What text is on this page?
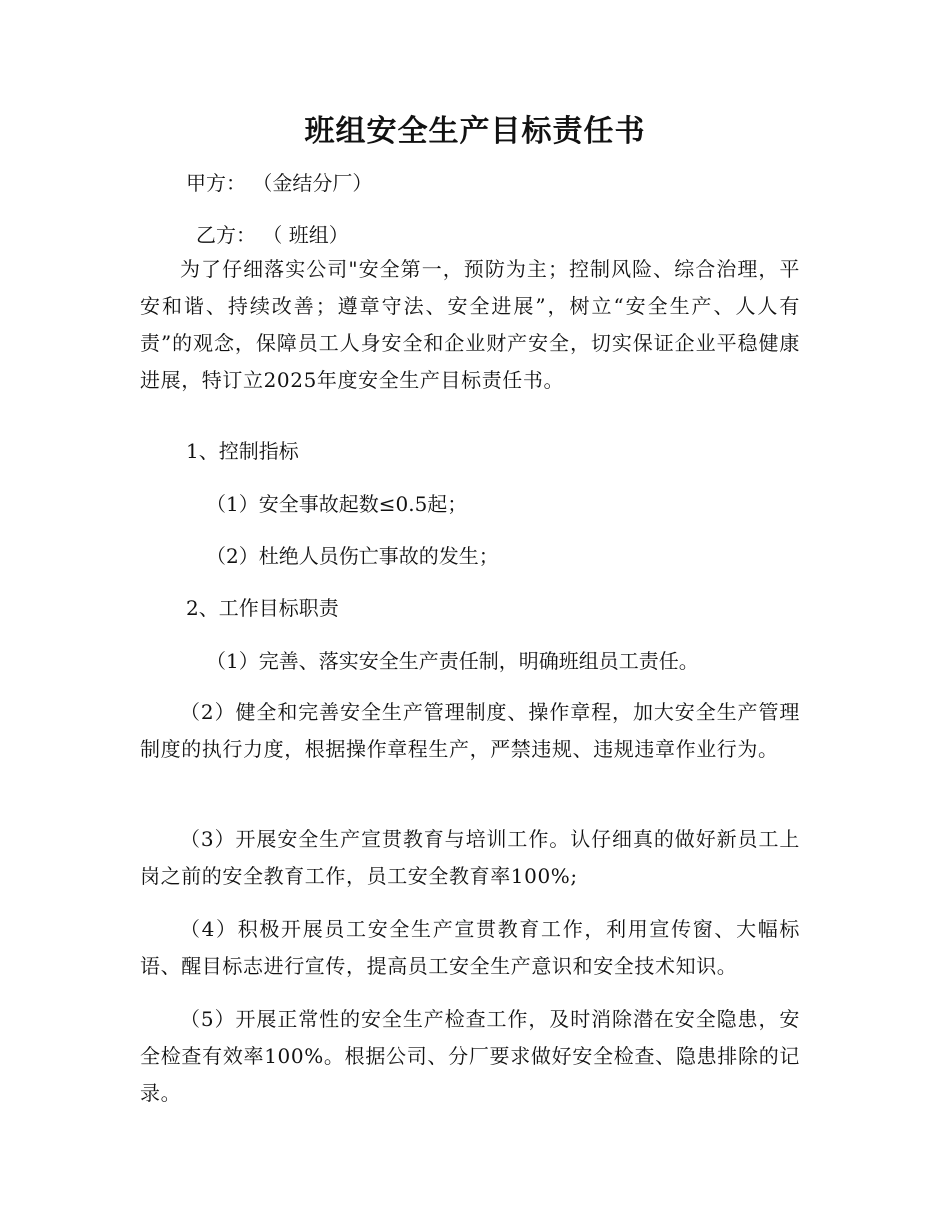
班组安全生产目标责任书
甲方： （金结分厂）
乙方： （ 班组）

为了仔细落实公司"安全第一，预防为主；控制风险、综合治理，平安和谐、持续改善；遵章守法、安全进展”，树立“安全生产、人人有责”的观念，保障员工人身安全和企业财产安全，切实保证企业平稳健康进展，特订立2025年度安全生产目标责任书。

1、控制指标
（1）安全事故起数≤0.5起；
（2）杜绝人员伤亡事故的发生；
2、工作目标职责
（1）完善、落实安全生产责任制，明确班组员工责任。

（2）健全和完善安全生产管理制度、操作章程，加大安全生产管理制度的执行力度，根据操作章程生产，严禁违规、违规违章作业行为。

（3）开展安全生产宣贯教育与培训工作。认仔细真的做好新员工上岗之前的安全教育工作，员工安全教育率100%;

（4）积极开展员工安全生产宣贯教育工作，利用宣传窗、大幅标语、醒目标志进行宣传，提高员工安全生产意识和安全技术知识。

（5）开展正常性的安全生产检查工作，及时消除潜在安全隐患，安全检查有效率100%。根据公司、分厂要求做好安全检查、隐患排除的记录。
